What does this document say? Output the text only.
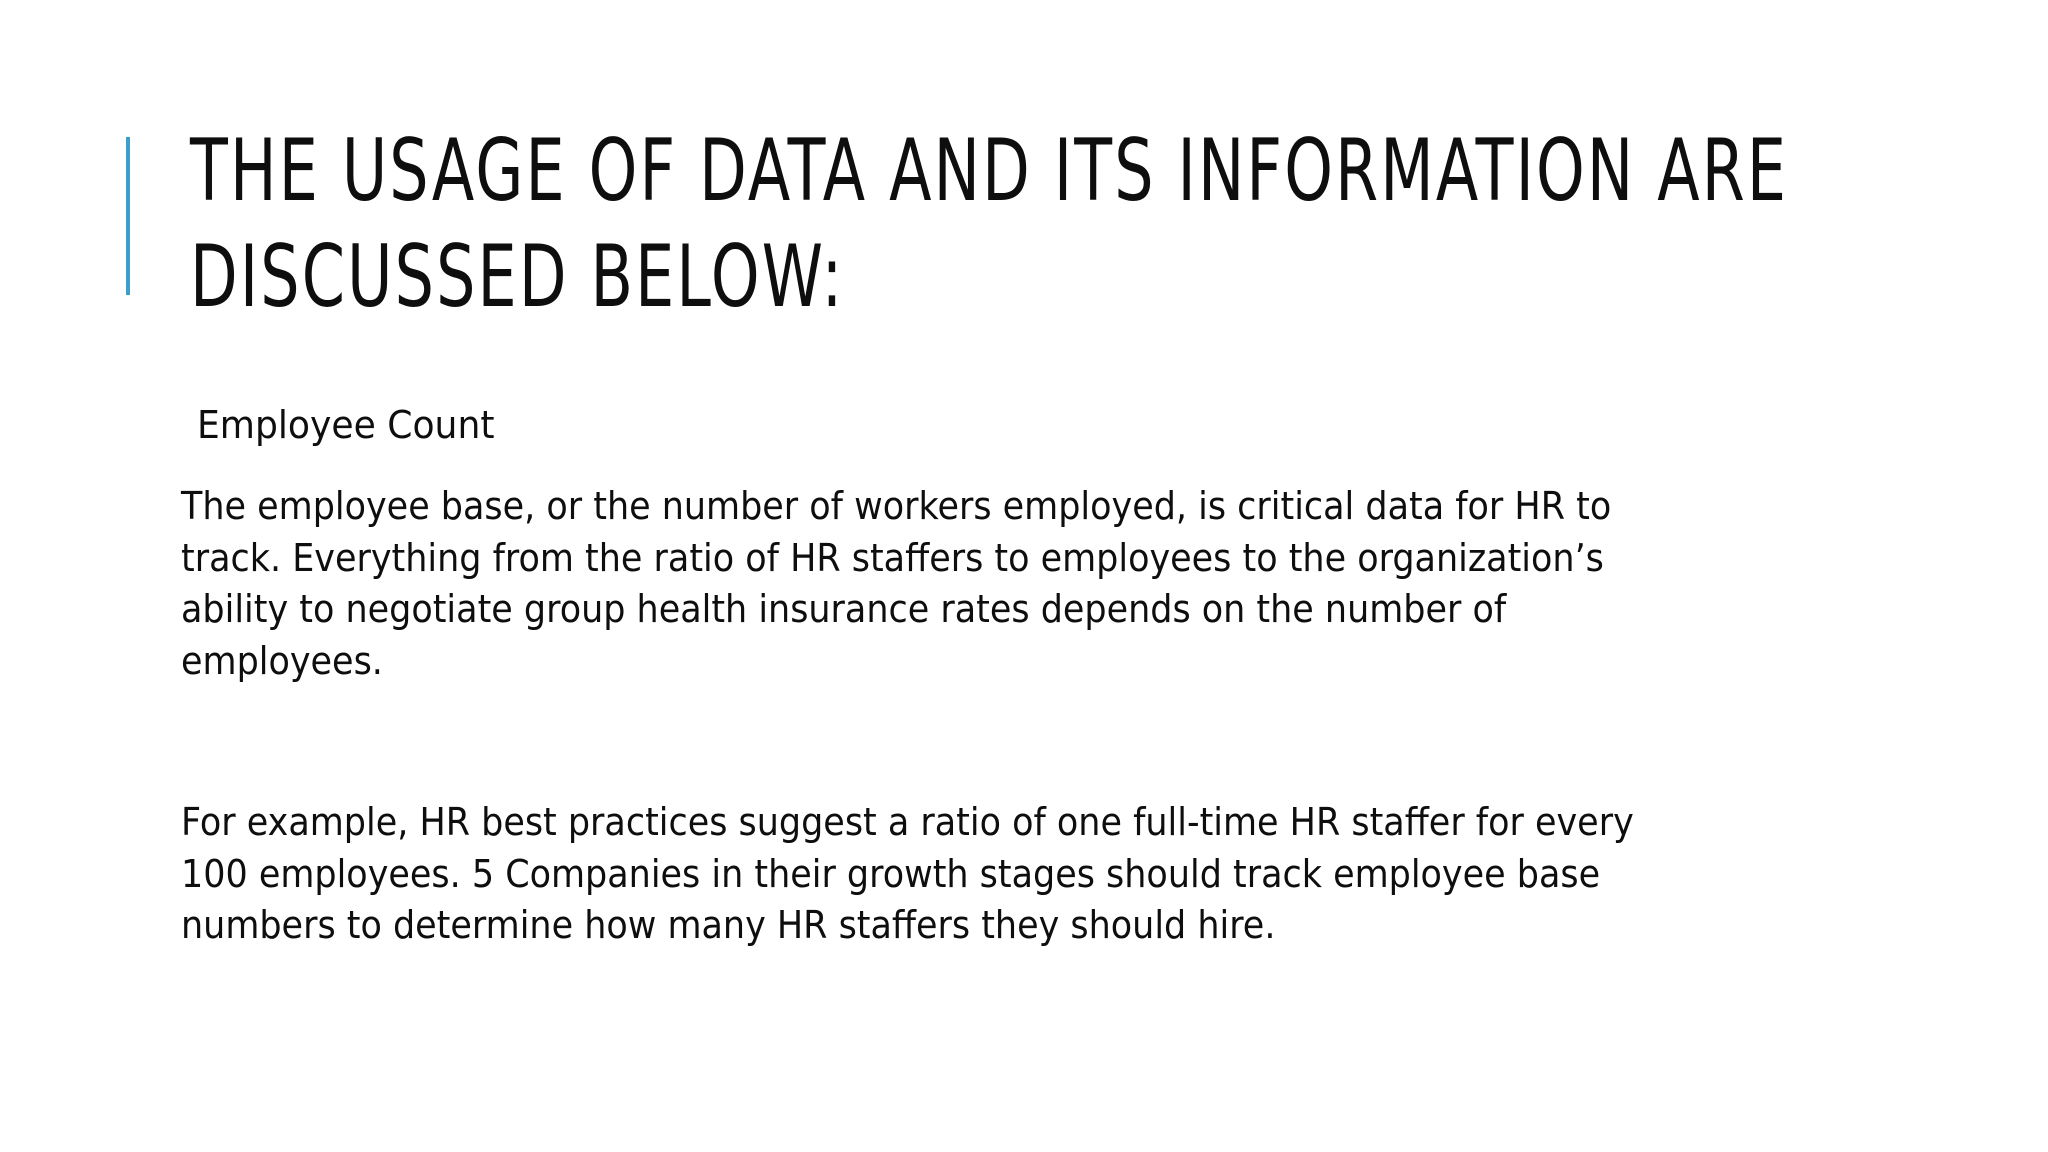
THE USAGE OF DATA AND ITS INFORMATION ARE
DISCUSSED BELOW:
Employee Count

The employee base, or the number of workers employed, is critical data for HR to
track. Everything from the ratio of HR staffers to employees to the organization’s
ability to negotiate group health insurance rates depends on the number of
employees.

For example, HR best practices suggest a ratio of one full-time HR staffer for every
100 employees. 5 Companies in their growth stages should track employee base
numbers to determine how many HR staffers they should hire.
